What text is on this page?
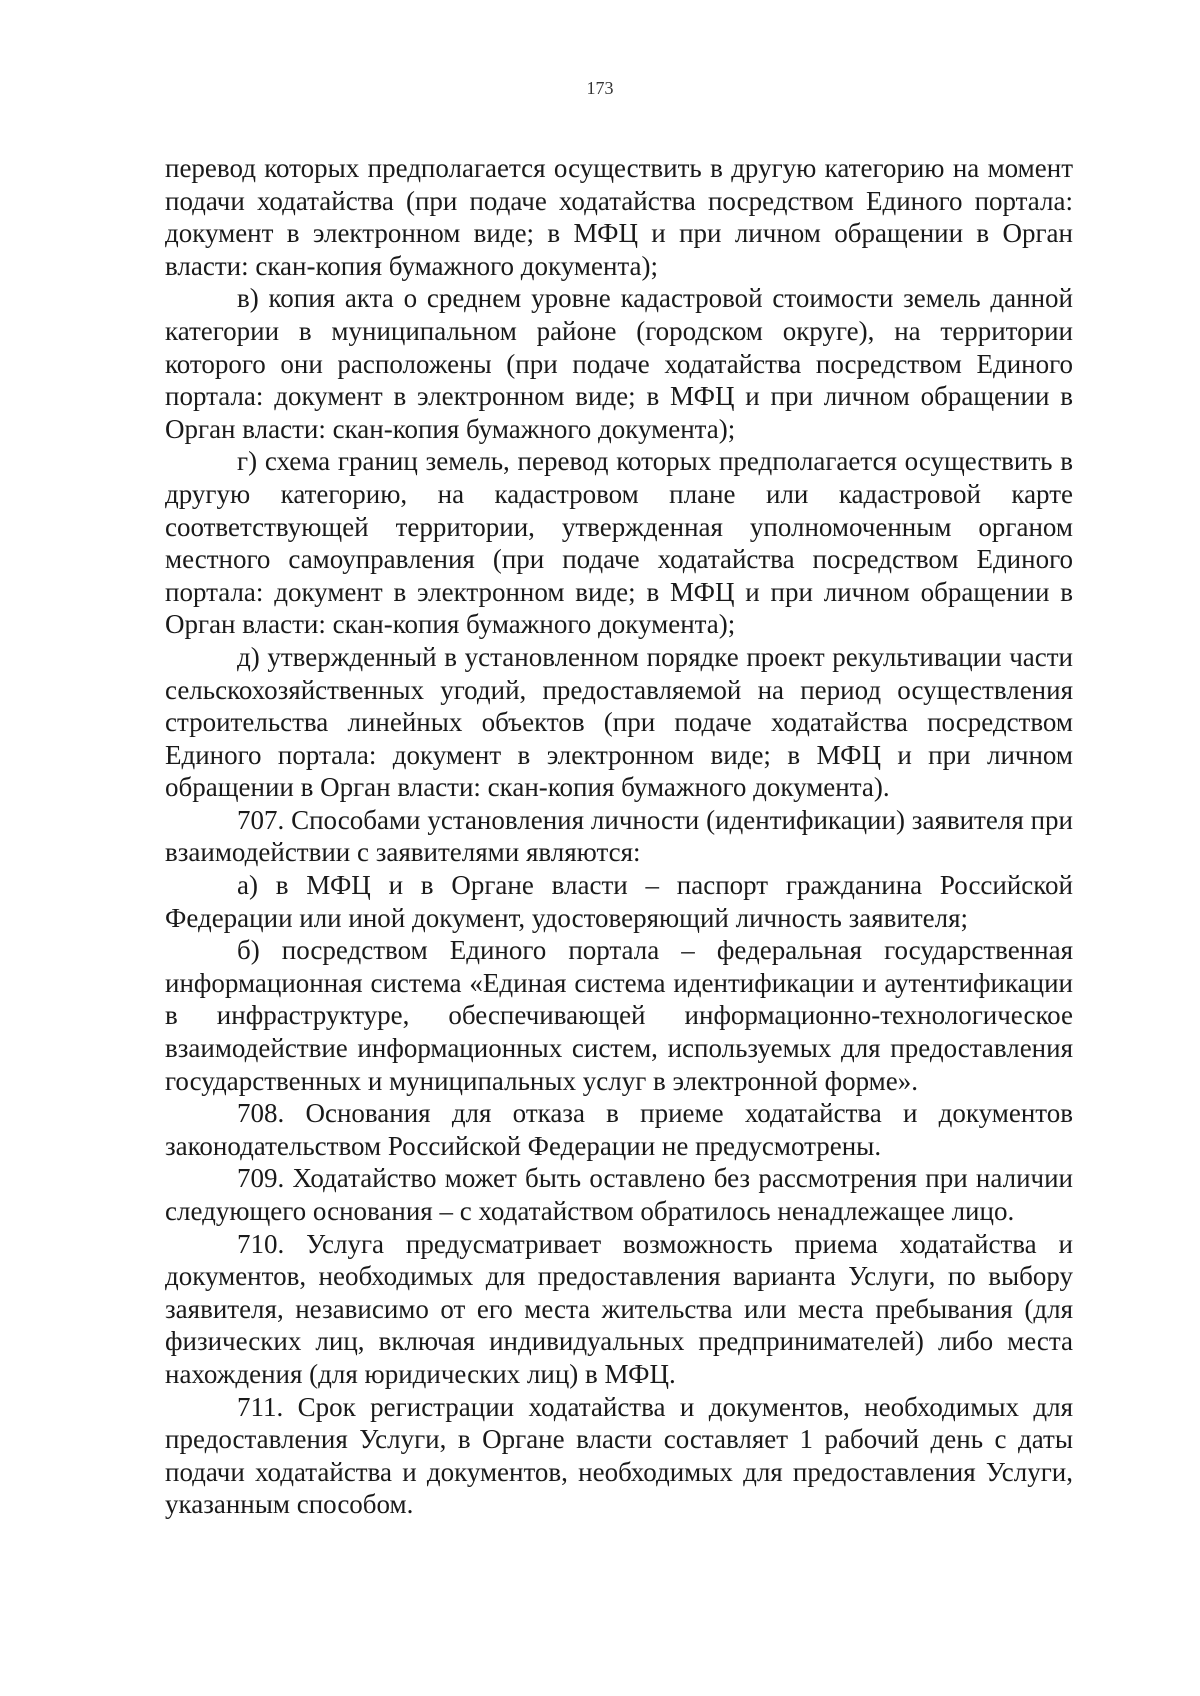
173

перевод которых предполагается осуществить в другую категорию на момент подачи ходатайства (при подаче ходатайства посредством Единого портала: документ в электронном виде; в МФЦ и при личном обращении в Орган власти: скан-копия бумажного документа);

в) копия акта о среднем уровне кадастровой стоимости земель данной категории в муниципальном районе (городском округе), на территории которого они расположены (при подаче ходатайства посредством Единого портала: документ в электронном виде; в МФЦ и при личном обращении в Орган власти: скан-копия бумажного документа);

г) схема границ земель, перевод которых предполагается осуществить в другую категорию, на кадастровом плане или кадастровой карте соответствующей территории, утвержденная уполномоченным органом местного самоуправления (при подаче ходатайства посредством Единого портала: документ в электронном виде; в МФЦ и при личном обращении в Орган власти: скан-копия бумажного документа);

д) утвержденный в установленном порядке проект рекультивации части сельскохозяйственных угодий, предоставляемой на период осуществления строительства линейных объектов (при подаче ходатайства посредством Единого портала: документ в электронном виде; в МФЦ и при личном обращении в Орган власти: скан-копия бумажного документа).

707. Способами установления личности (идентификации) заявителя при взаимодействии с заявителями являются:

а) в МФЦ и в Органе власти – паспорт гражданина Российской Федерации или иной документ, удостоверяющий личность заявителя;

б) посредством Единого портала – федеральная государственная информационная система «Единая система идентификации и аутентификации в инфраструктуре, обеспечивающей информационно-технологическое взаимодействие информационных систем, используемых для предоставления государственных и муниципальных услуг в электронной форме».

708. Основания для отказа в приеме ходатайства и документов законодательством Российской Федерации не предусмотрены.

709. Ходатайство может быть оставлено без рассмотрения при наличии следующего основания – с ходатайством обратилось ненадлежащее лицо.

710. Услуга предусматривает возможность приема ходатайства и документов, необходимых для предоставления варианта Услуги, по выбору заявителя, независимо от его места жительства или места пребывания (для физических лиц, включая индивидуальных предпринимателей) либо места нахождения (для юридических лиц) в МФЦ.

711. Срок регистрации ходатайства и документов, необходимых для предоставления Услуги, в Органе власти составляет 1 рабочий день с даты подачи ходатайства и документов, необходимых для предоставления Услуги, указанным способом.
